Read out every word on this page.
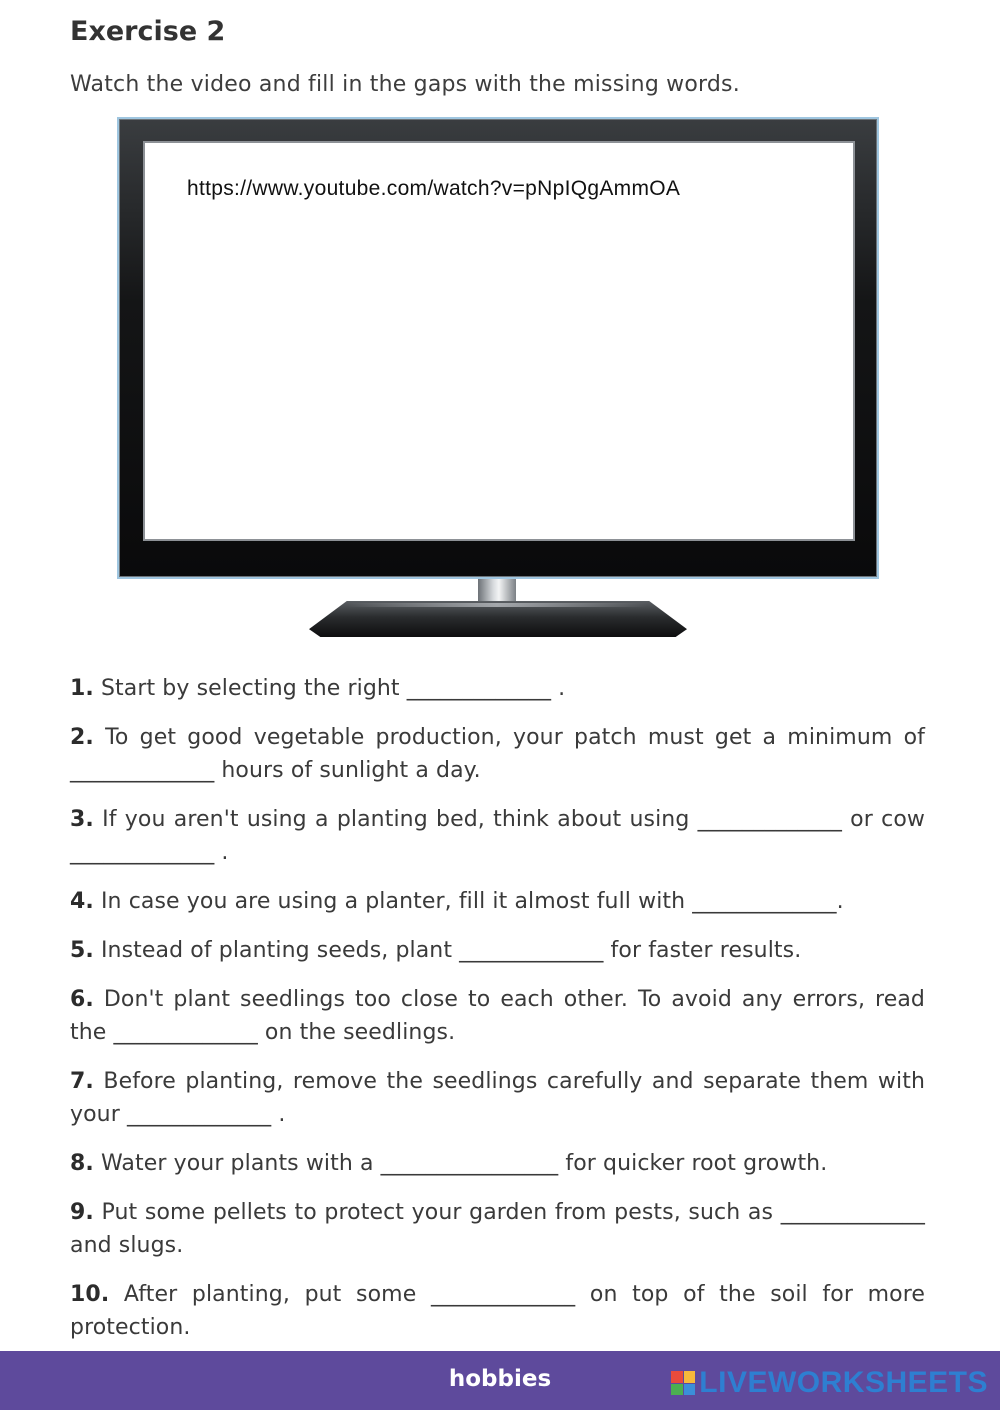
Exercise 2

Watch the video and fill in the gaps with the missing words.

https://www.youtube.com/watch?v=pNpIQgAmmOA

1. Start by selecting the right _____________ .

2. To get good vegetable production, your patch must get a minimum of _____________ hours of sunlight a day.

3. If you aren't using a planting bed, think about using _____________ or cow _____________ .

4. In case you are using a planter, fill it almost full with _____________.

5. Instead of planting seeds, plant _____________ for faster results.

6. Don't plant seedlings too close to each other. To avoid any errors, read the _____________ on the seedlings.

7. Before planting, remove the seedlings carefully and separate them with your _____________ .

8. Water your plants with a ________________ for quicker root growth.

9. Put some pellets to protect your garden from pests, such as _____________ and slugs.

10. After planting, put some _____________ on top of the soil for more protection.

hobbies	LIVEWORKSHEETS
